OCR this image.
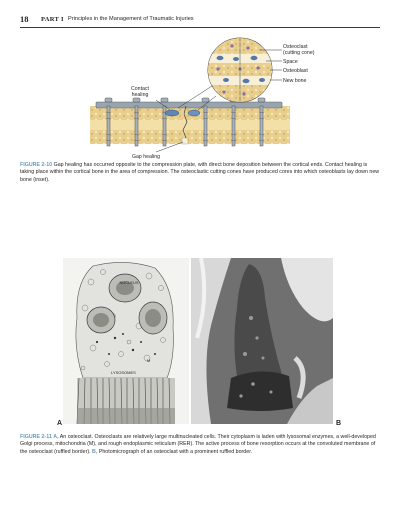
18 PART I Principles in the Management of Traumatic Injuries
Osteoclast (cutting cone)
Space
Osteoblast
New bone
Contact healing
Gap healing

FIGURE 2-10 Gap healing has occurred opposite to the compression plate, with direct bone deposition between the cortical ends. Contact healing is taking place within the cortical bone in the area of compression. The osteoclastic cutting cones have produced cores into which osteoblasts lay down new bone (inset).

NUCLEUS
LYSOSOMES
M
A	B

FIGURE 2-11 A, An osteoclast. Osteoclasts are relatively large multinucleated cells. Their cytoplasm is laden with lysosomal enzymes, a well-developed Golgi process, mitochondria (M), and rough endoplasmic reticulum (RER). The active process of bone resorption occurs at the convoluted membrane of the osteoclast (ruffled border). B, Photomicrograph of an osteoclast with a prominent ruffled border.
